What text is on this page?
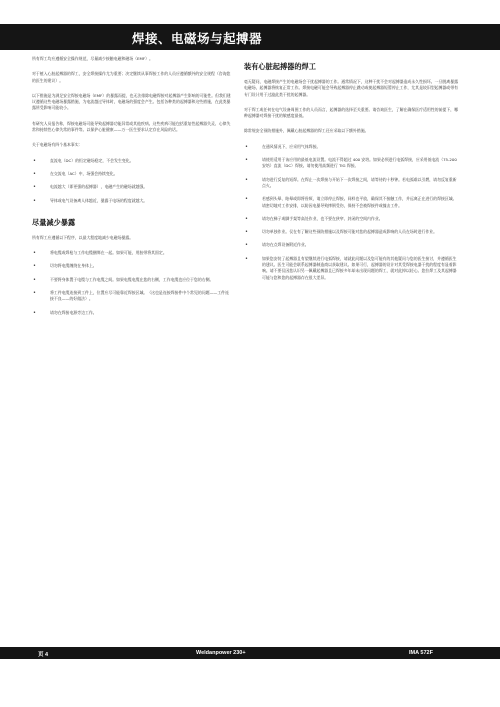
焊接、电磁场与起搏器

所有焊工均应遵循安全操作规范，尽量减少接触电磁和磁场（EMF）。

对于植入心脏起搏器的焊工，安全焊接操作尤为重要；决定继续从事焊接工作的人员应遵循额外的安全规程（咨询您的医生的建议）。

以下措施是为满足安全焊接电磁场（EMF）的暴露而提，也无法排除电磁焊接对起搏器产生影响的可能性。但我们建议遵循这些电磁场暴露措施，为电流越过导体时，电磁场的强度会产生。包括各种类的起搏器和这些措施，在此类暴露所受影响可能较小。

有研究人员报告称，焊接电磁场可能导致起搏器功能异常或其他疾病。这些疾病可能包括重复性起搏器失灵、心律失常和持续性心律失常的事件等。以保护心脏健康——万一医生要求认定存在风险的话。

关于电磁场有四个基本事实：

• 直流电（DC）的恒定磁场稳定，不会发生变化。
• 在交流电（AC）中，场强会持续变化。
• 电流越大（即更强的起搏器），电磁产生的磁场就越强。
• 导体或电气设备离人体越近，暴露于电场的程度就越大。
尽量减少暴露

所有焊工应遵循以下程序，以最大程度地减少电磁场暴露。

• 将电缆或焊枪与工作电缆捆绑在一起。如果可能，用胶带将其固定。
• 切勿将电缆缠绕在身体上。
• 不要将身体置于电缆与工作电缆之间。如果电缆电缆在您的右侧，工作电缆也应位于您的右侧。
• 将工件电缆连接到工件上，位置应尽可能靠近焊接区域。（这也是连接焊接件中个常见的问题——工件连接不良——的好做法）。
• 请勿在焊接电源旁边工作。
装有心脏起搏器的焊工

毫无疑问，电磁焊接产生的电磁场会干扰起搏器的工作。通常情况下，这种干扰不会对起搏器造成永久性损坏。一旦脱离暴露电磁场，起搏器将恢复正常工作。焊接电磁可能会导致起搏器停止跳动或使起搏器短暂停止工作，尤其是较旧型起搏器或带有专门设计用于过滤此类干扰的起搏器。

对于焊工或任何在电气设备周围工作的人员而言，起搏器的选择至关重要。请咨询医生，了解在确保医疗适用性的前提下，哪种起搏器对焊接干扰的敏感度最低。

除常规安全预防措施外，佩戴心脏起搏器的焊工还应采取以下额外措施。

• 在通风情况下，应采用气体焊接。
• 请使用适用于该应用的最低电流设置。电流不得超过 400 安培。如果必须进行电弧焊接，应采用低电流（75-200 安培）直流（DC）焊接。请勿使用高频进行 TIG 焊接。
• 请勿进行反复的短焊。在焊止一次焊接与开始下一次焊接之间，请等待约十秒钟。若电弧难以引燃，请勿反复重新点火。
• 若感到头晕、眩晕或即将昏厥，请立即停止焊接。同样也平放，确保其不接触工作，并远离正在进行的焊接区域。请密切地对工作安排，以防因电暴导致摔倒受伤，保持不会被焊接件或撞击工件。
• 请勿在梯子或脚手架等高处作业，也不要在狭窄、封闭的空间内作业。
• 切勿单独作业。仅在有了解这些预防措施以及焊接可能对您的起搏器造成影响的人员在场时进行作业。
• 请勿在点焊设备附近作业。
• 如果您安装了起搏器且有望继续进行电弧焊接，请就此问题以及您可能有的其他疑问与您的医生接讨，并遵循医生的建议。医生可能会联系起搏器制造商以获取建议。如果可行，起搏器的设计对其受焊接电器干扰的程度有显着影响。请不要仅因您认识另一佩戴起搏器且已焊接多年却未出现问题的焊工，就对此掉以轻心。您拉焊工及其起搏器可能与您和您的起搏器存在很大差异。
页 4	Weldanpower 230+	IMA 572F
